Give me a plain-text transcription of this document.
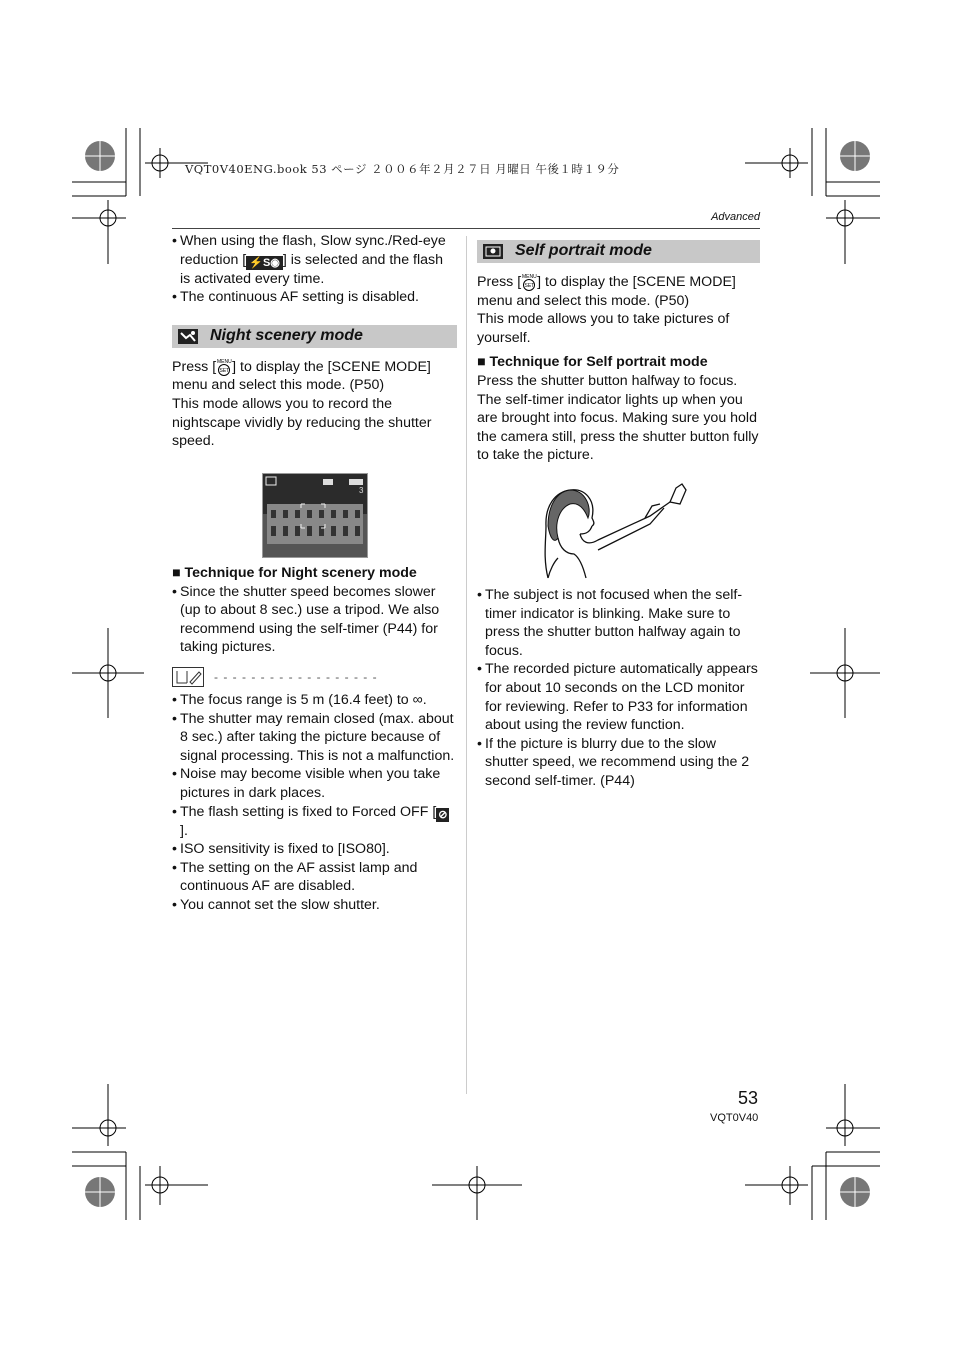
VQT0V40ENG.book 53 ページ ２００６年２月２７日 月曜日 午後１時１９分
Advanced
• When using the flash, Slow sync./Red-eye reduction [ ⚡S◉ ] is selected and the flash is activated every time.
• The continuous AF setting is disabled.
Night scenery mode

Press [ MENU
SET ] to display the [SCENE MODE] menu and select this mode. (P50)

This mode allows you to record the nightscape vividly by reducing the shutter speed.

3

■ Technique for Night scenery mode

• Since the shutter speed becomes slower (up to about 8 sec.) use a tripod. We also recommend using the self-timer (P44) for taking pictures.
- - - - - - - - - - - - - - - - - -
• The focus range is 5 m (16.4 feet) to ∞.
• The shutter may remain closed (max. about 8 sec.) after taking the picture because of signal processing. This is not a malfunction.
• Noise may become visible when you take pictures in dark places.
• The flash setting is fixed to Forced OFF [ ⊘].
• ISO sensitivity is fixed to [ISO80].
• The setting on the AF assist lamp and continuous AF are disabled.
• You cannot set the slow shutter.
Self portrait mode

Press [ MENU
SET ] to display the [SCENE MODE] menu and select this mode. (P50)

This mode allows you to take pictures of yourself.

■ Technique for Self portrait mode

Press the shutter button halfway to focus. The self-timer indicator lights up when you are brought into focus. Making sure you hold the camera still, press the shutter button fully to take the picture.

• The subject is not focused when the self-timer indicator is blinking. Make sure to press the shutter button halfway again to focus.
• The recorded picture automatically appears for about 10 seconds on the LCD monitor for reviewing. Refer to P33 for information about using the review function.
• If the picture is blurry due to the slow shutter speed, we recommend using the 2 second self-timer. (P44)
53
VQT0V40
